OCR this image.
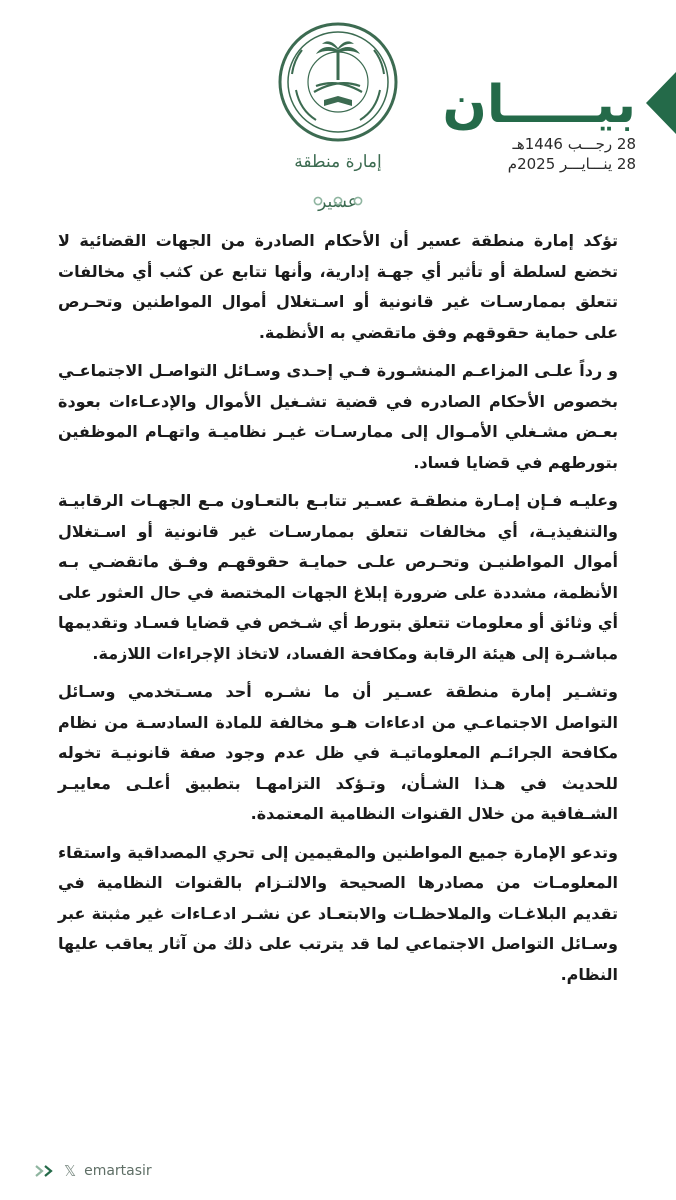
إمارة منطقة عسير
بيـــــان
28 رجـــب 1446هـ
28 ينـــايـــر 2025م

تؤكد إمارة منطقة عسير أن الأحكام الصادرة من الجهات القضائية لا تخضع لسلطة أو تأثير أي جهـة إدارية، وأنها تتابع عن كثب أي مخالفات تتعلق بممارسـات غير قانونية أو اسـتغلال أموال المواطنين وتحـرص على حماية حقوقهم وفق ماتقضي به الأنظمة.

و رداً علـى المزاعـم المنشـورة فـي إحـدى وسـائل التواصـل الاجتماعـي بخصوص الأحكام الصادره في قضية تشـغيل الأموال والإدعـاءات بعودة بعـض مشـغلي الأمـوال إلى ممارسـات غيـر نظاميـة واتهـام الموظفين بتورطهم في قضايا فساد.

وعليـه فـإن إمـارة منطقـة عسـير تتابـع بالتعـاون مـع الجهـات الرقابيـة والتنفيذيـة، أي مخالفات تتعلق بممارسـات غير قانونية أو اسـتغلال أموال المواطنيـن وتحـرص علـى حمايـة حقوقهـم وفـق ماتقضـي بـه الأنظمة، مشددة على ضرورة إبلاغ الجهات المختصة في حال العثور على أي وثائق أو معلومات تتعلق بتورط أي شـخص في قضايا فسـاد وتقديمها مباشـرة إلى هيئة الرقابة ومكافحة الفساد، لاتخاذ الإجراءات اللازمة.

وتشـير إمارة منطقة عسـير أن ما نشـره أحد مسـتخدمي وسـائل التواصل الاجتماعـي من ادعاءات هـو مخالفة للمادة السادسـة من نظام مكافحة الجرائـم المعلوماتيـة في ظل عدم وجود صفة قانونيـة تخوله للحديث في هـذا الشـأن، وتـؤكد التزامهـا بتطبيق أعلـى معاييـر الشـفافية من خلال القنوات النظامية المعتمدة.

وتدعو الإمارة جميع المواطنين والمقيمين إلى تحري المصداقية واستقاء المعلومـات من مصادرها الصحيحة والالتـزام بالقنوات النظامية في تقديم البلاغـات والملاحظـات والابتعـاد عن نشـر ادعـاءات غير مثبتة عبر وسـائل التواصل الاجتماعي لما قد يترتب على ذلك من آثار يعاقب عليها النظام.

𝕏 emartasir
